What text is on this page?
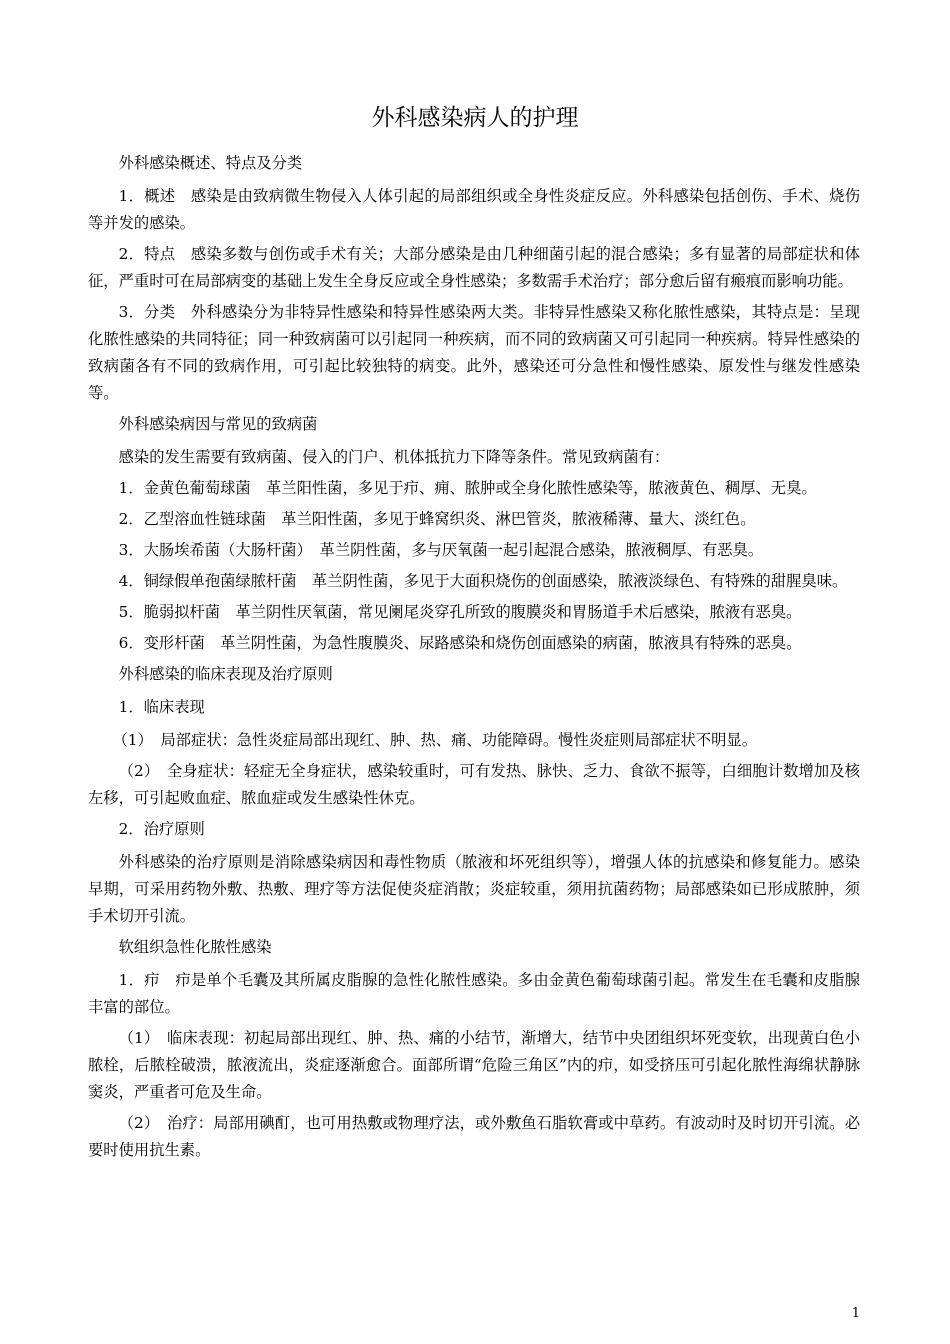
外科感染病人的护理

外科感染概述、特点及分类

1．概述　感染是由致病微生物侵入人体引起的局部组织或全身性炎症反应。外科感染包括创伤、手术、烧伤等并发的感染。

2．特点　感染多数与创伤或手术有关；大部分感染是由几种细菌引起的混合感染；多有显著的局部症状和体征，严重时可在局部病变的基础上发生全身反应或全身性感染；多数需手术治疗；部分愈后留有瘢痕而影响功能。

3．分类　外科感染分为非特异性感染和特异性感染两大类。非特异性感染又称化脓性感染，其特点是：呈现化脓性感染的共同特征；同一种致病菌可以引起同一种疾病，而不同的致病菌又可引起同一种疾病。特异性感染的致病菌各有不同的致病作用，可引起比较独特的病变。此外，感染还可分急性和慢性感染、原发性与继发性感染等。

外科感染病因与常见的致病菌

感染的发生需要有致病菌、侵入的门户、机体抵抗力下降等条件。常见致病菌有：

1．金黄色葡萄球菌　革兰阳性菌，多见于疖、痈、脓肿或全身化脓性感染等，脓液黄色、稠厚、无臭。

2．乙型溶血性链球菌　革兰阳性菌，多见于蜂窝织炎、淋巴管炎，脓液稀薄、量大、淡红色。

3．大肠埃希菌（大肠杆菌）　革兰阴性菌，多与厌氧菌一起引起混合感染，脓液稠厚、有恶臭。

4．铜绿假单孢菌绿脓杆菌　革兰阴性菌，多见于大面积烧伤的创面感染，脓液淡绿色、有特殊的甜腥臭味。

5．脆弱拟杆菌　革兰阴性厌氧菌，常见阑尾炎穿孔所致的腹膜炎和胃肠道手术后感染，脓液有恶臭。

6．变形杆菌　革兰阴性菌，为急性腹膜炎、尿路感染和烧伤创面感染的病菌，脓液具有特殊的恶臭。

外科感染的临床表现及治疗原则

1．临床表现

（1）　局部症状：急性炎症局部出现红、肿、热、痛、功能障碍。慢性炎症则局部症状不明显。

（2）　全身症状：轻症无全身症状，感染较重时，可有发热、脉快、乏力、食欲不振等，白细胞计数增加及核左移，可引起败血症、脓血症或发生感染性休克。

2．治疗原则

外科感染的治疗原则是消除感染病因和毒性物质（脓液和坏死组织等），增强人体的抗感染和修复能力。感染早期，可采用药物外敷、热敷、理疗等方法促使炎症消散；炎症较重，须用抗菌药物；局部感染如已形成脓肿，须手术切开引流。

软组织急性化脓性感染

1．疖　疖是单个毛囊及其所属皮脂腺的急性化脓性感染。多由金黄色葡萄球菌引起。常发生在毛囊和皮脂腺丰富的部位。

（1）　临床表现：初起局部出现红、肿、热、痛的小结节，渐增大，结节中央团组织坏死变软，出现黄白色小脓栓，后脓栓破溃，脓液流出，炎症逐渐愈合。面部所谓“危险三角区”内的疖，如受挤压可引起化脓性海绵状静脉窦炎，严重者可危及生命。

（2）　治疗：局部用碘酊，也可用热敷或物理疗法，或外敷鱼石脂软膏或中草药。有波动时及时切开引流。必要时使用抗生素。

1
